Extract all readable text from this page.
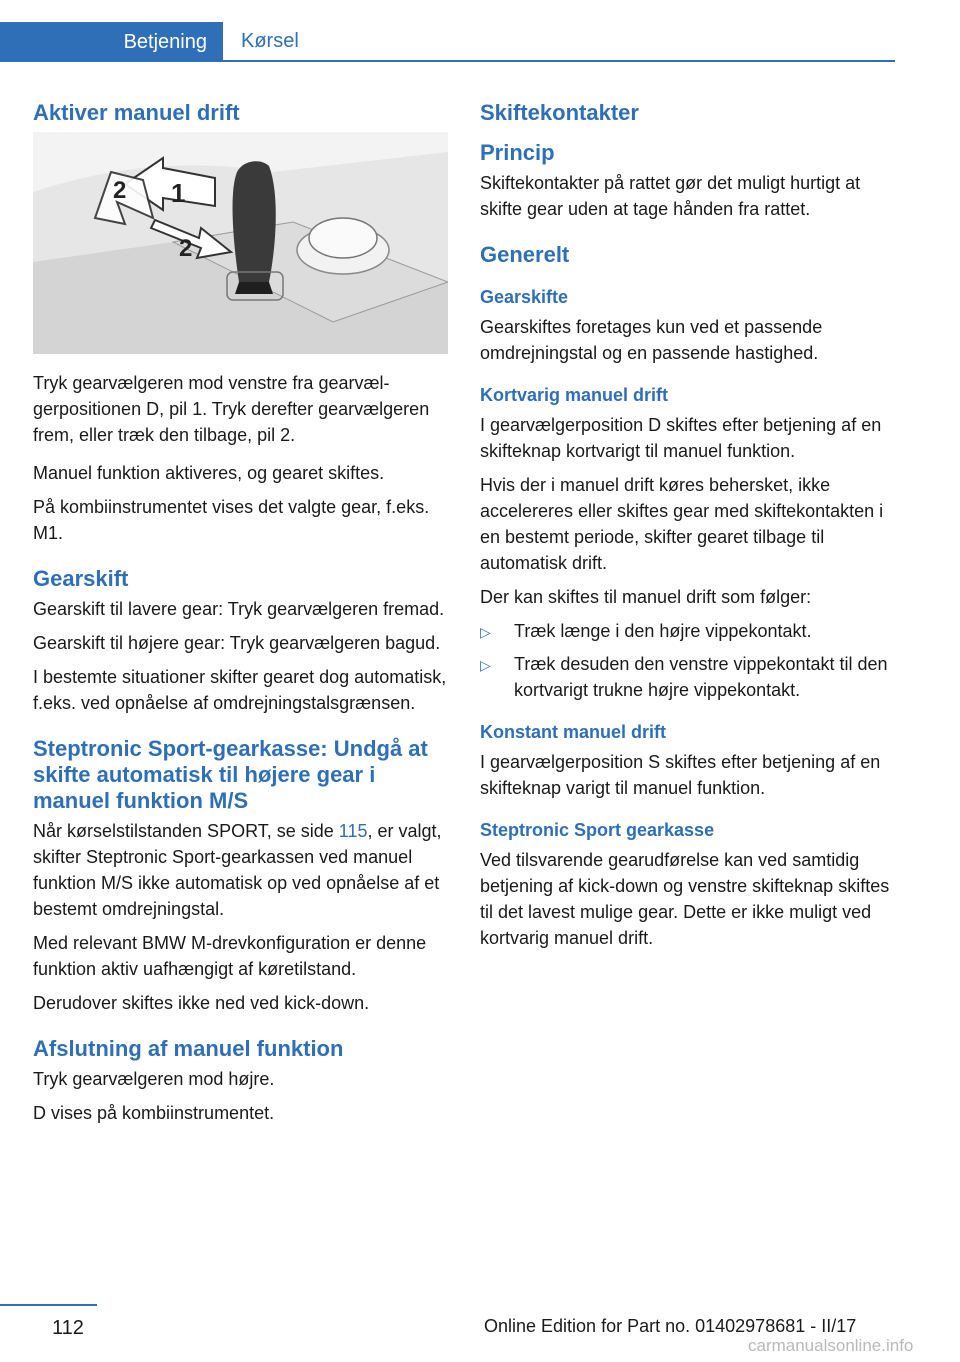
Betjening	Kørsel
Aktiver manuel drift
1
2
2

Tryk gearvælgeren mod venstre fra gearvælgerpositionen D, pil 1. Tryk derefter gearvælgeren frem, eller træk den tilbage, pil 2.

Manuel funktion aktiveres, og gearet skiftes.

På kombiinstrumentet vises det valgte gear, f.eks. M1.

Gearskift

Gearskift til lavere gear: Tryk gearvælgeren fremad.

Gearskift til højere gear: Tryk gearvælgeren bagud.

I bestemte situationer skifter gearet dog automatisk, f.eks. ved opnåelse af omdrejningstalsgrænsen.

Steptronic Sport-gearkasse: Undgå at skifte automatisk til højere gear i manuel funktion M/S

Når kørselstilstanden SPORT, se side 115, er valgt, skifter Steptronic Sport-gearkassen ved manuel funktion M/S ikke automatisk op ved opnåelse af et bestemt omdrejningstal.

Med relevant BMW M-drevkonfiguration er denne funktion aktiv uafhængigt af køretilstand.

Derudover skiftes ikke ned ved kick-down.

Afslutning af manuel funktion

Tryk gearvælgeren mod højre.

D vises på kombiinstrumentet.

Skiftekontakter
Princip

Skiftekontakter på rattet gør det muligt hurtigt at skifte gear uden at tage hånden fra rattet.

Generelt
Gearskifte

Gearskiftes foretages kun ved et passende omdrejningstal og en passende hastighed.

Kortvarig manuel drift

I gearvælgerposition D skiftes efter betjening af en skifteknap kortvarigt til manuel funktion.

Hvis der i manuel drift køres behersket, ikke accelereres eller skiftes gear med skiftekontakten i en bestemt periode, skifter gearet tilbage til automatisk drift.

Der kan skiftes til manuel drift som følger:

▷	Træk længe i den højre vippekontakt.
▷	Træk desuden den venstre vippekontakt til den kortvarigt trukne højre vippekontakt.
Konstant manuel drift

I gearvælgerposition S skiftes efter betjening af en skifteknap varigt til manuel funktion.

Steptronic Sport gearkasse

Ved tilsvarende gearudførelse kan ved samtidig betjening af kick-down og venstre skifteknap skiftes til det lavest mulige gear. Dette er ikke muligt ved kortvarig manuel drift.

112	Online Edition for Part no. 01402978681 - II/17
carmanualsonline.info
